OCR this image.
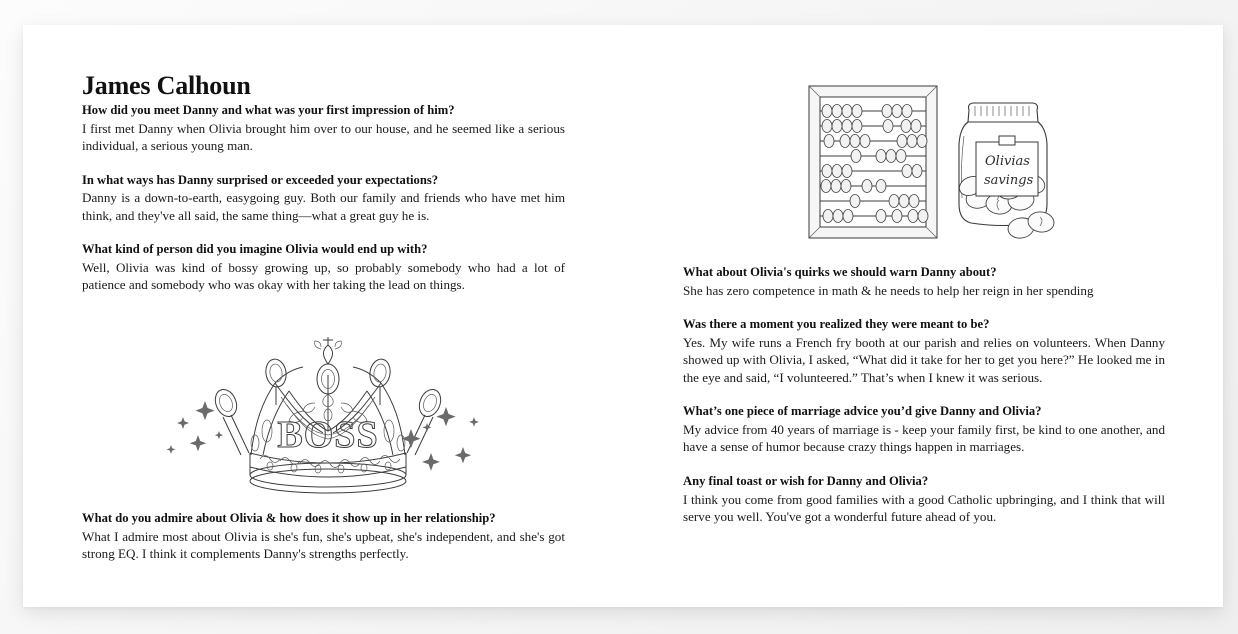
James Calhoun

How did you meet Danny and what was your first impression of him?

I first met Danny when Olivia brought him over to our house, and he seemed like a serious individual, a serious young man.

In what ways has Danny surprised or exceeded your expectations?

Danny is a down-to-earth, easygoing guy. Both our family and friends who have met him think, and they've all said, the same thing—what a great guy he is.

What kind of person did you imagine Olivia would end up with?

Well, Olivia was kind of bossy growing up, so probably somebody who had a lot of patience and somebody who was okay with her taking the lead on things.

BOSS

What do you admire about Olivia & how does it show up in her relationship?

What I admire most about Olivia is she's fun, she's upbeat, she's independent, and she's got strong EQ. I think it complements Danny's strengths perfectly.

Olivias
savings

What about Olivia's quirks we should warn Danny about?

She has zero competence in math & he needs to help her reign in her spending

Was there a moment you realized they were meant to be?

Yes. My wife runs a French fry booth at our parish and relies on volunteers. When Danny showed up with Olivia, I asked, “What did it take for her to get you here?” He looked me in the eye and said, “I volunteered.” That’s when I knew it was serious.

What’s one piece of marriage advice you’d give Danny and Olivia?

My advice from 40 years of marriage is - keep your family first, be kind to one another, and have a sense of humor because crazy things happen in marriages.

Any final toast or wish for Danny and Olivia?

I think you come from good families with a good Catholic upbringing, and I think that will serve you well. You've got a wonderful future ahead of you.
